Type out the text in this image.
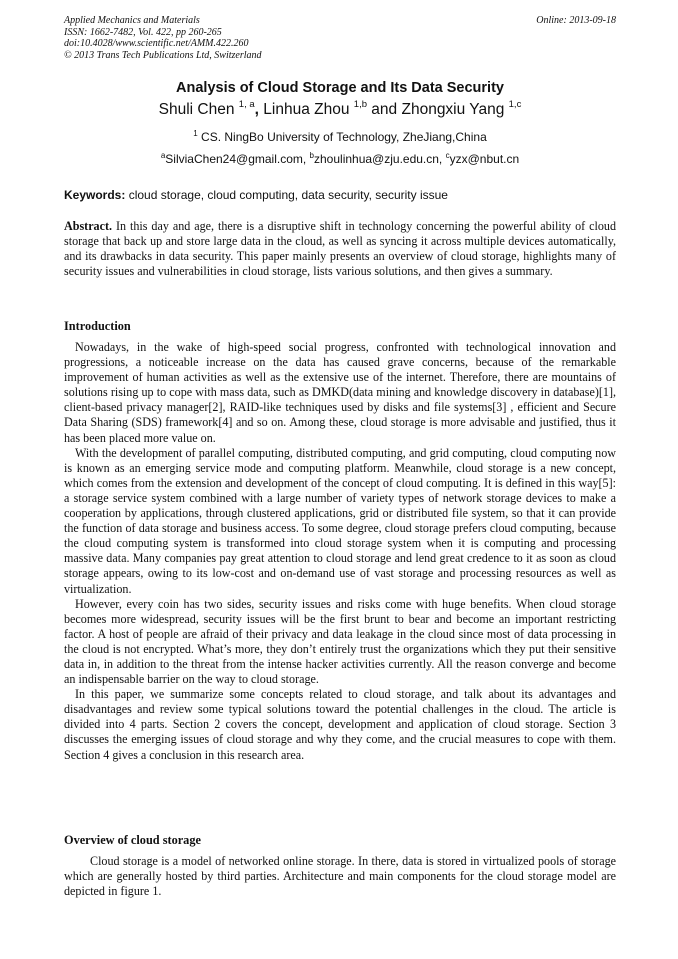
Applied Mechanics and Materials
ISSN: 1662-7482, Vol. 422, pp 260-265
doi:10.4028/www.scientific.net/AMM.422.260
© 2013 Trans Tech Publications Ltd, Switzerland
Online: 2013-09-18
Analysis of Cloud Storage and Its Data Security
Shuli Chen $^{1, a}$, Linhua Zhou $^{1,b}$ and Zhongxiu Yang $^{1,c}$
$^1$ CS. NingBo University of Technology, ZheJiang,China
$^a$SilviaChen24@gmail.com, $^b$zhoulinhua@zju.edu.cn, $^c$yzx@nbut.cn
Keywords: cloud storage, cloud computing, data security, security issue
Abstract. In this day and age, there is a disruptive shift in technology concerning the powerful ability of cloud storage that back up and store large data in the cloud, as well as syncing it across multiple devices automatically, and its drawbacks in data security. This paper mainly presents an overview of cloud storage, highlights many of security issues and vulnerabilities in cloud storage, lists various solutions, and then gives a summary.
Introduction

Nowadays, in the wake of high-speed social progress, confronted with technological innovation and progressions, a noticeable increase on the data has caused grave concerns, because of the remarkable improvement of human activities as well as the extensive use of the internet. Therefore, there are mountains of solutions rising up to cope with mass data, such as DMKD(data mining and knowledge discovery in database)[1], client-based privacy manager[2], RAID-like techniques used by disks and file systems[3] , efficient and Secure Data Sharing (SDS) framework[4] and so on. Among these, cloud storage is more advisable and justified, thus it has been placed more value on.

With the development of parallel computing, distributed computing, and grid computing, cloud computing now is known as an emerging service mode and computing platform. Meanwhile, cloud storage is a new concept, which comes from the extension and development of the concept of cloud computing. It is defined in this way[5]: a storage service system combined with a large number of variety types of network storage devices to make a cooperation by applications, through clustered applications, grid or distributed file system, so that it can provide the function of data storage and business access. To some degree, cloud storage prefers cloud computing, because the cloud computing system is transformed into cloud storage system when it is computing and processing massive data. Many companies pay great attention to cloud storage and lend great credence to it as soon as cloud storage appears, owing to its low-cost and on-demand use of vast storage and processing resources as well as virtualization.

However, every coin has two sides, security issues and risks come with huge benefits. When cloud storage becomes more widespread, security issues will be the first brunt to bear and become an important restricting factor. A host of people are afraid of their privacy and data leakage in the cloud since most of data processing in the cloud is not encrypted. What’s more, they don’t entirely trust the organizations which they put their sensitive data in, in addition to the threat from the intense hacker activities currently. All the reason converge and become an indispensable barrier on the way to cloud storage.

In this paper, we summarize some concepts related to cloud storage, and talk about its advantages and disadvantages and review some typical solutions toward the potential challenges in the cloud. The article is divided into 4 parts. Section 2 covers the concept, development and application of cloud storage. Section 3 discusses the emerging issues of cloud storage and why they come, and the crucial measures to cope with them. Section 4 gives a conclusion in this research area.

Overview of cloud storage

Cloud storage is a model of networked online storage. In there, data is stored in virtualized pools of storage which are generally hosted by third parties. Architecture and main components for the cloud storage model are depicted in figure 1.
